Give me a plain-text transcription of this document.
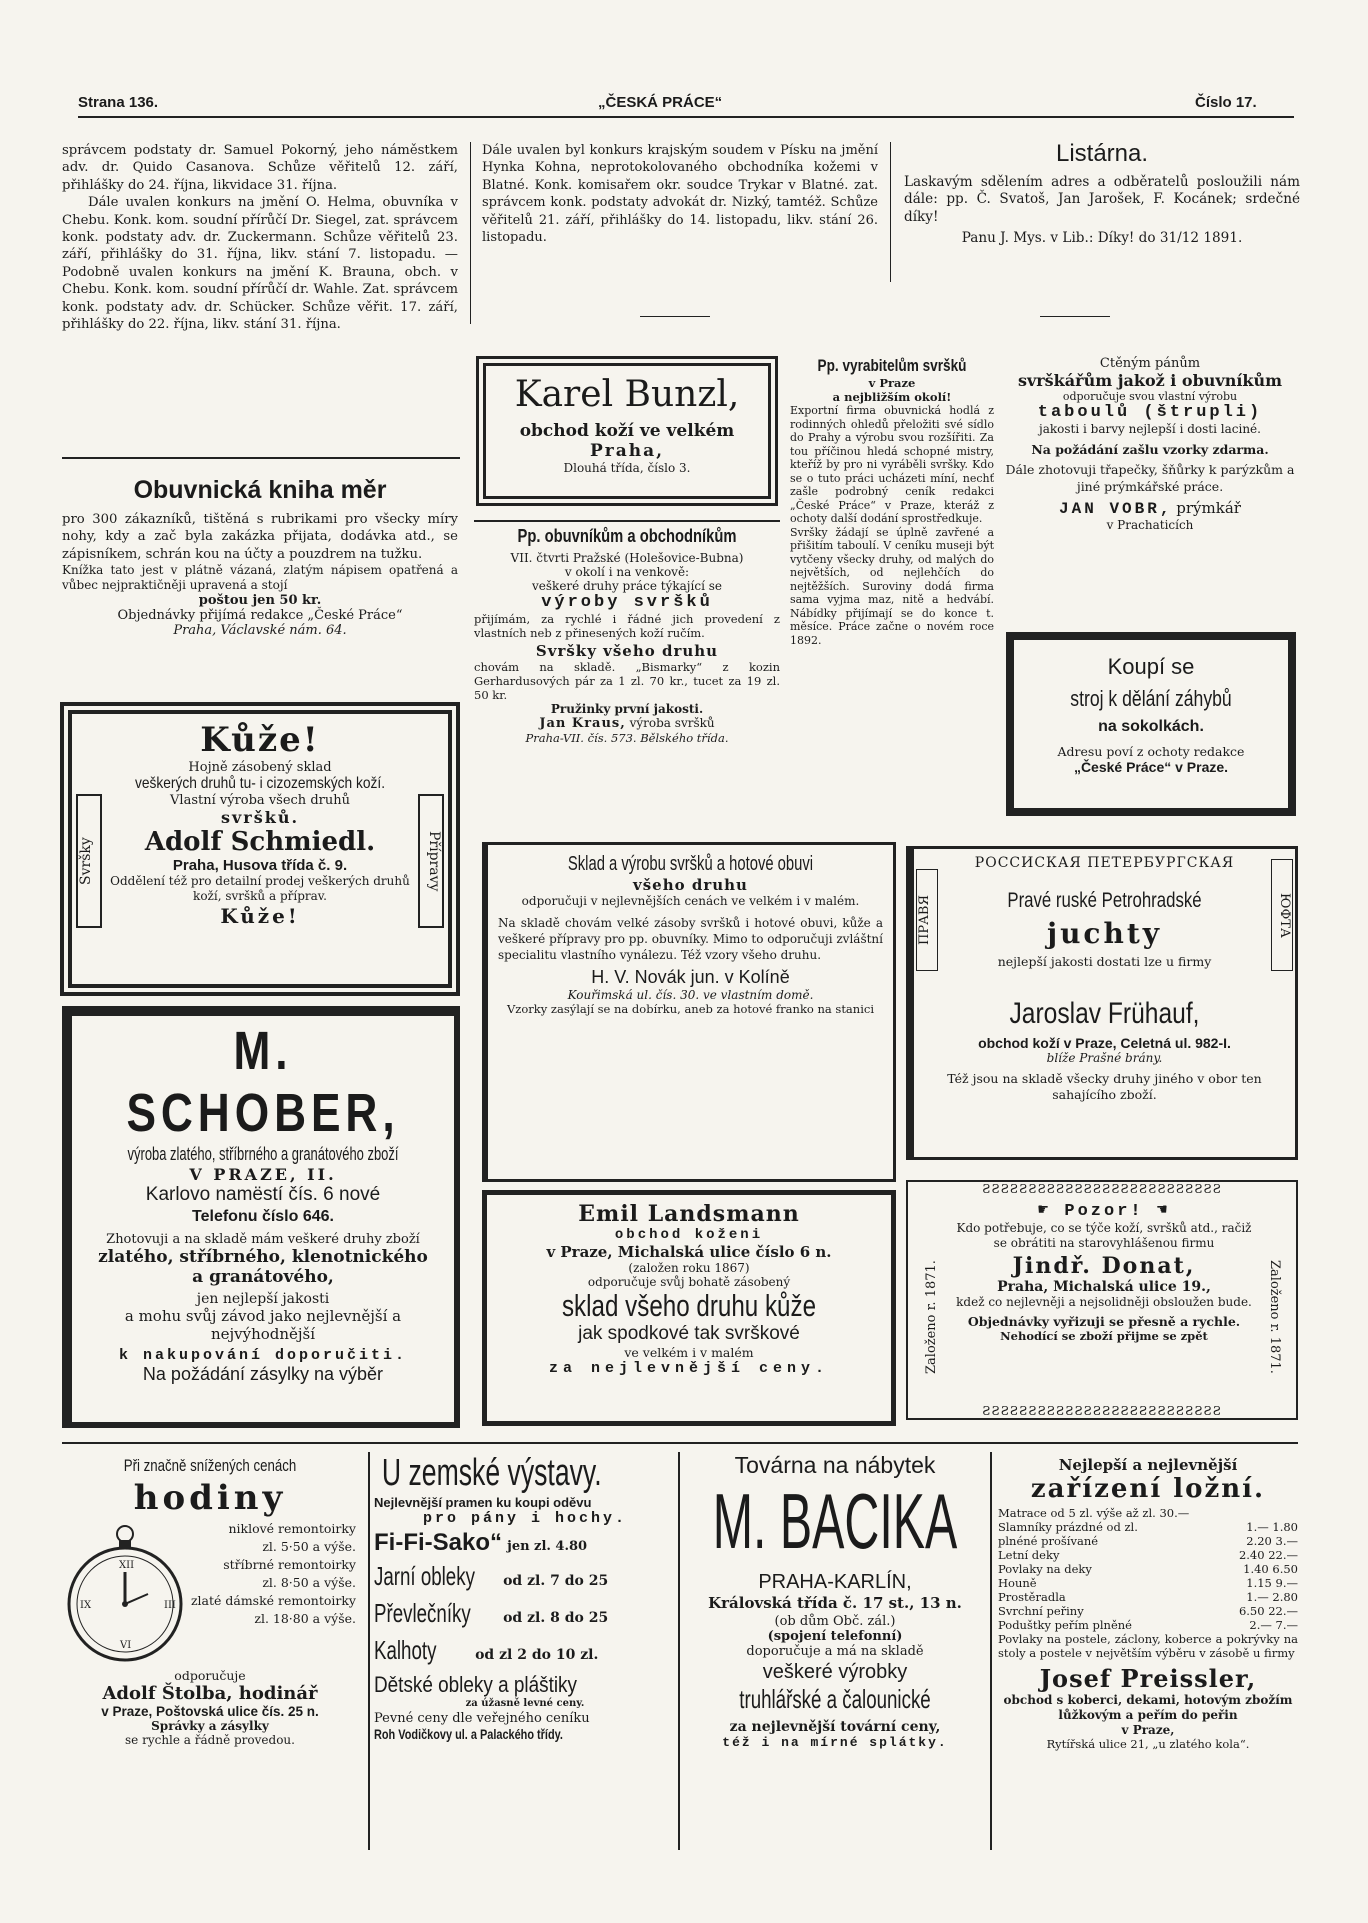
Strana 136.	„ČESKÁ PRÁCE“	Číslo 17.

správcem podstaty dr. Samuel Pokorný, jeho náměstkem adv. dr. Quido Casanova. Schůze věřitelů 12. září, přihlášky do 24. října, likvidace 31. října.

Dále uvalen konkurs na jmění O. Helma, obuvníka v Chebu. Konk. kom. soudní přírůčí Dr. Siegel, zat. správcem konk. podstaty adv. dr. Zuckermann. Schůze věřitelů 23. září, přihlášky do 31. října, likv. stání 7. listopadu. — Podobně uvalen konkurs na jmění K. Brauna, obch. v Chebu. Konk. kom. soudní přírůčí dr. Wahle. Zat. správcem konk. podstaty adv. dr. Schücker. Schůze věřit. 17. září, přihlášky do 22. října, likv. stání 31. října.

Obuvnická kniha měr
pro 300 zákazníků, tištěná s rubrikami pro všecky míry nohy, kdy a zač byla zakázka přijata, dodávka atd., se zápisníkem, schrán kou na účty a pouzdrem na tužku.
Knížka tato jest v plátně vázaná, zlatým nápisem opatřená a vůbec nejpraktičněji upravená a stojí
poštou jen 50 kr.
Objednávky přijímá redakce „České Práce“
Praha, Václavské nám. 64.
Svršky	Přípravy
Kůže!
Hojně zásobený sklad
veškerých druhů tu- i cizozemských koží.
Vlastní výroba všech druhů
svršků.
Adolf Schmiedl.
Praha, Husova třída č. 9.
Oddělení též pro detailní prodej veškerých druhů koží, svršků a příprav.
Kůže!
M. SCHOBER,
výroba zlatého, stříbrného a granátového zboží
V PRAZE, II.
Karlovo namëstí čís. 6 nové
Telefonu číslo 646.
Zhotovuji a na skladě mám veškeré druhy zboží
zlatého, stříbrného, klenotnického
a granátového,
jen nejlepší jakosti
a mohu svůj závod jako nejlevnější a nejvýhodnější
k nakupování doporučiti.
Na požádání zásylky na výběr
Dále uvalen byl konkurs krajským soudem v Písku na jmění Hynka Kohna, neprotokolovaného obchodníka kožemi v Blatné. Konk. komisařem okr. soudce Trykar v Blatné. zat. správcem konk. podstaty advokát dr. Nizký, tamtéž. Schůze věřitelů 21. září, přihlášky do 14. listopadu, likv. stání 26. listopadu.
Listárna.
Laskavým sdělením adres a odběratelů posloužili nám dále: pp. Č. Svatoš, Jan Jarošek, F. Kocánek; srdečné díky!
Panu J. Mys. v Lib.: Díky! do 31/12 1891.
Karel Bunzl,
obchod koží ve velkém
Praha,
Dlouhá třída, číslo 3.
Pp. obuvníkům a obchodníkům
VII. čtvrti Pražské (Holešovice-Bubna)
v okolí i na venkově:
veškeré druhy práce týkající se
výroby svršků
přijímám, za rychlé i řádné jich provedení z vlastních neb z přinesených koží ručím.
Svršky všeho druhu
chovám na skladě. „Bismarky“ z kozin Gerhardusových pár za 1 zl. 70 kr., tucet za 19 zl. 50 kr.
Pružinky první jakosti.
Jan Kraus, výroba svršků
Praha-VII. čís. 573. Bělského třída.
Pp. vyrabitelům svršků
v Praze
a nejbližším okolí!
Exportní firma obuvnická hodlá z rodinných ohledů přeložiti své sídlo do Prahy a výrobu svou rozšířiti. Za tou příčinou hledá schopné mistry, kteříž by pro ni vyráběli svršky. Kdo se o tuto práci ucházeti míní, nechť zašle podrobný ceník redakci „České Práce“ v Praze, kteráž z ochoty další dodání sprostředkuje.
Svršky žádají se úplně zavřené a přišitím taboulí. V ceníku museji být vytčeny všecky druhy, od malých do největších, od nejlehčích do nejtěžších. Suroviny dodá firma sama vyjma maz, nitě a hedvábí. Nábídky přijímají se do konce t. měsíce. Práce začne o novém roce 1892.
Ctěným pánům
svrškářům jakož i obuvníkům
odporučuje svou vlastní výrobu
taboulů (štrupli)
jakosti i barvy nejlepší i dosti laciné.
Na požádání zašlu vzorky zdarma.
Dále zhotovuji třapečky, šňůrky k parýzkům a jiné prýmkářské práce.
JAN VOBR, prýmkář
v Prachaticích
Koupí se
stroj k dělání záhybů
na sokolkách.
Adresu poví z ochoty redakce
„České Práce“ v Praze.
Sklad a výrobu svršků a hotové obuvi
všeho druhu
odporučuji v nejlevnějších cenách ve velkém i v malém.
Na skladě chovám velké zásoby svršků i hotové obuvi, kůže a veškeré přípravy pro pp. obuvníky. Mimo to odporučuji zvláštní specialitu vlastního vynálezu. Též vzory všeho druhu.
H. V. Novák jun. v Kolíně
Kouřimská ul. čís. 30. ve vlastním domě.
Vzorky zasýlají se na dobírku, aneb za hotové franko na stanici
РОССИСКАЯ ПЕТЕРБУРГСКАЯ
ПРАВЯ	ЮФТА
Pravé ruské Petrohradské
juchty
nejlepší jakosti dostati lze u firmy
Jaroslav Frühauf,
obchod koží v Praze, Celetná ul. 982-I.
blíže Prašné brány.
Též jsou na skladě všecky druhy jiného v obor ten sahajícího zboží.
Emil Landsmann
obchod koženi
v Praze, Michalská ulice číslo 6 n.
(založen roku 1867)
odporučuje svůj bohatě zásobený
sklad všeho druhu kůže
jak spodkové tak svrškové
ve velkém i v malém
za nejlevnější ceny.
ƧƧƧƧƧƧƧƧƧƧƧƧƧƧƧƧƧƧƧƧƧƧƧƧƧƧ
ƧƧƧƧƧƧƧƧƧƧƧƧƧƧƧƧƧƧƧƧƧƧƧƧƧƧ
Založeno r. 1871.	Založeno r. 1871.
☛ Pozor! ☚
Kdo potřebuje, co se týče koží, svršků atd., račiž se obrátiti na starovyhlášenou firmu
Jindř. Donat,
Praha, Michalská ulice 19.,
kdež co nejlevněji a nejsolidněji obsloužen bude.
Objednávky vyřizuji se přesně a rychle.
Nehodící se zboží přijme se zpět
Při značně snížených cenách
hodiny
XII
III
VI
IX
niklové remontoirky
zl. 5·50 a výše.
stříbrné remontoirky
zl. 8·50 a výše.
zlaté dámské remontoirky
zl. 18·80 a výše.
odporučuje
Adolf Štolba, hodinář
v Praze, Poštovská ulice čís. 25 n.
Správky a zásylky
se rychle a řádně provedou.
U zemské výstavy.
Nejlevnější pramen ku koupi oděvu
pro pány i hochy.
Fi-Fi-Sako“ jen zl. 4.80
Jarní obleky od zl. 7 do 25
Převlečníky od zl. 8 do 25
Kalhoty	od zl 2 do 10 zl.
Dětské obleky a pláštiky
za úžasně levné ceny.
Pevné ceny dle veřejného ceníku
Roh Vodičkovy ul. a Palackého třídy.
Továrna na nábytek
M. BACIKA
PRAHA-KARLÍN,
Královská třída č. 17 st., 13 n.
(ob dům Obč. zál.)
(spojení telefonní)
doporučuje a má na skladě
veškeré výrobky
truhlářské a čalounické
za nejlevnější tovární ceny,
též i na mírné splátky.
Nejlepší a nejlevnější
zařízení ložní.
Matrace od 5 zl. výše až zl. 30.—
Slamníky prázdné od zl.	1.— 1.80
plnéné prošívané	2.20 3.—
Letní deky	2.40 22.—
Povlaky na deky	1.40 6.50
Houně	1.15 9.—
Prostěradla	1.— 2.80
Svrchní peřiny	6.50 22.—
Poduštky peřím plněné	2.— 7.—
Povlaky na postele, záclony, koberce a pokrývky na stoly a postele v největším výběru v zásobě u firmy
Josef Preissler,
obchod s koberci, dekami, hotovým zbožím lůžkovým a peřím do peřin
v Praze,
Rytířská ulice 21, „u zlatého kola“.
